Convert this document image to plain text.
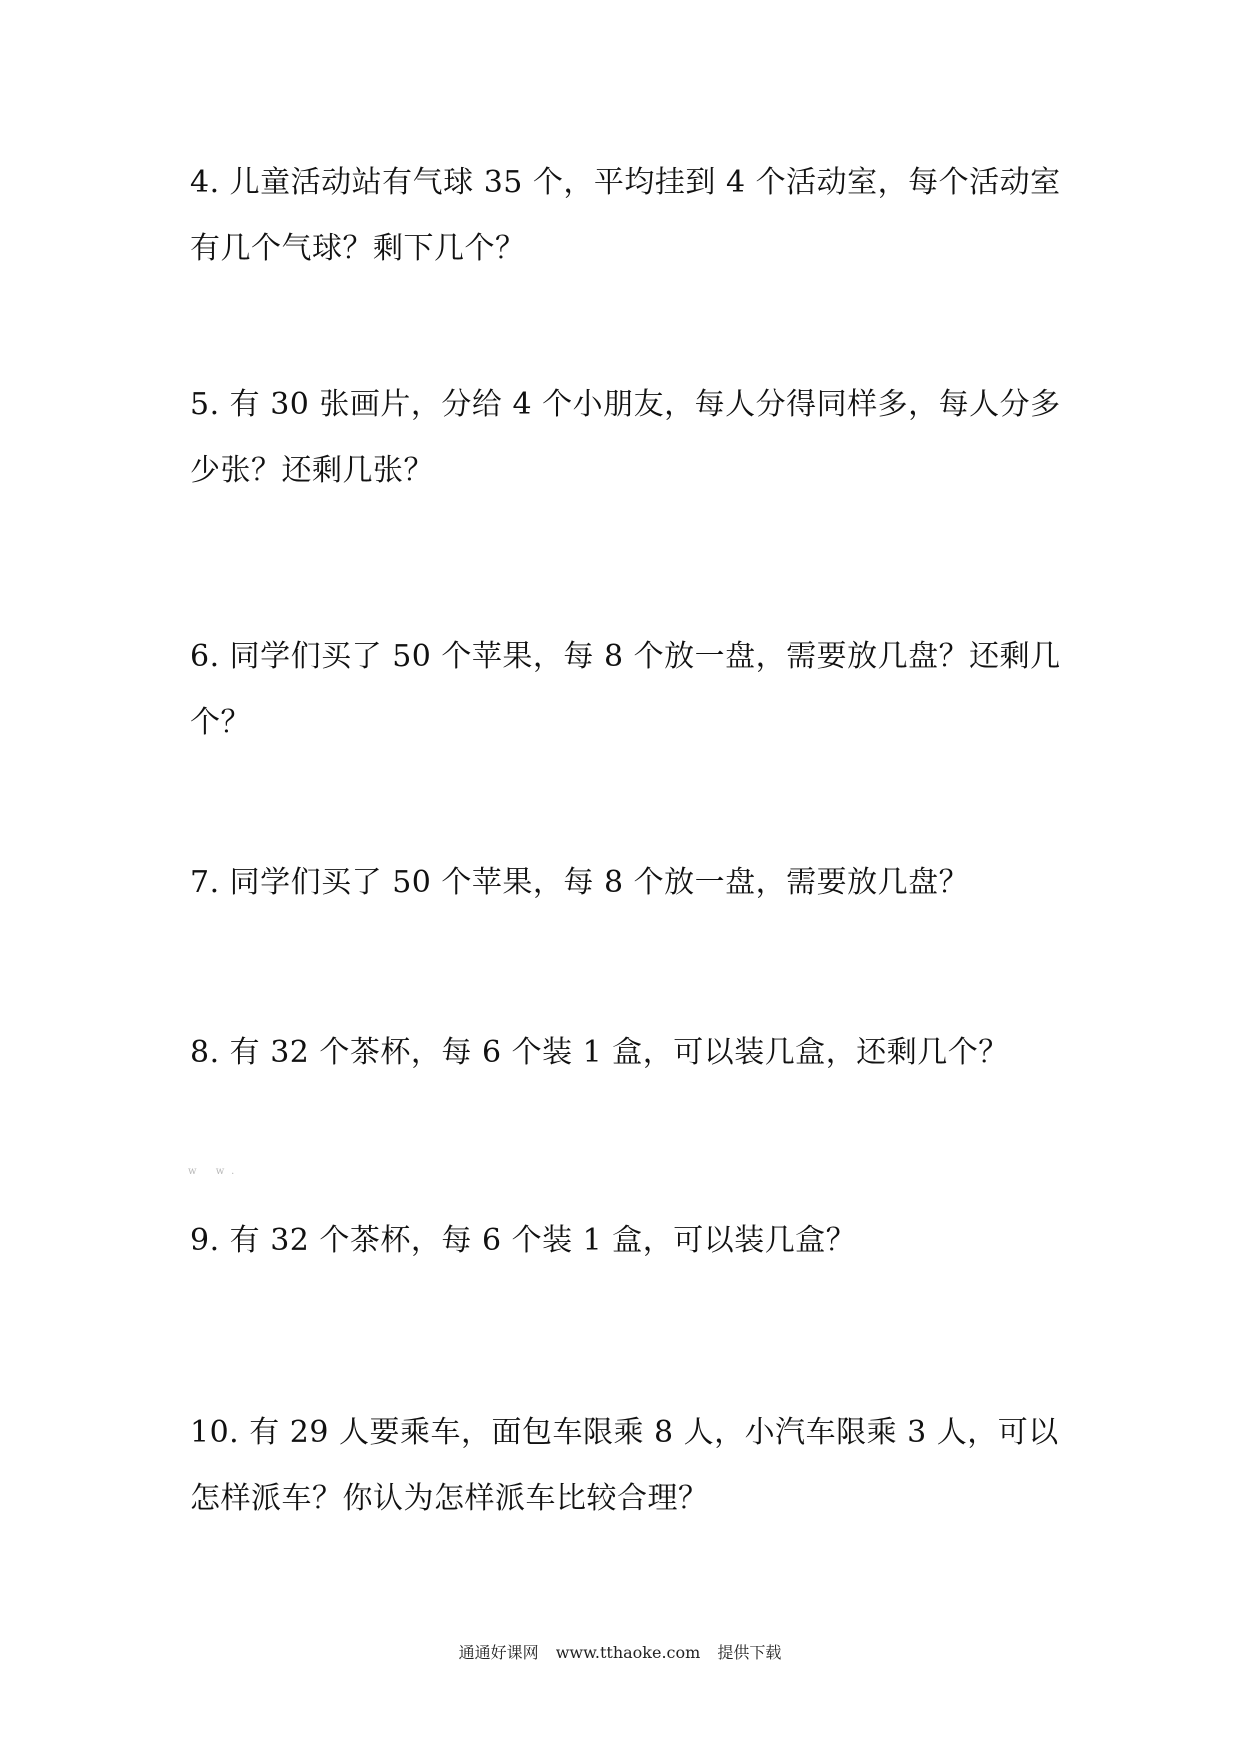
4. 儿童活动站有气球 35 个，平均挂到 4 个活动室，每个活动室
有几个气球？剩下几个？
5. 有 30 张画片，分给 4 个小朋友，每人分得同样多，每人分多
少张？还剩几张？
6. 同学们买了 50 个苹果，每 8 个放一盘，需要放几盘？还剩几
个？
7. 同学们买了 50 个苹果，每 8 个放一盘，需要放几盘？
8. 有 32 个茶杯，每 6 个装 1 盒，可以装几盒，还剩几个？
w w.
9. 有 32 个茶杯，每 6 个装 1 盒，可以装几盒？
10. 有 29 人要乘车，面包车限乘 8 人，小汽车限乘 3 人，可以
怎样派车？你认为怎样派车比较合理？
通通好课网 www.tthaoke.com 提供下载
